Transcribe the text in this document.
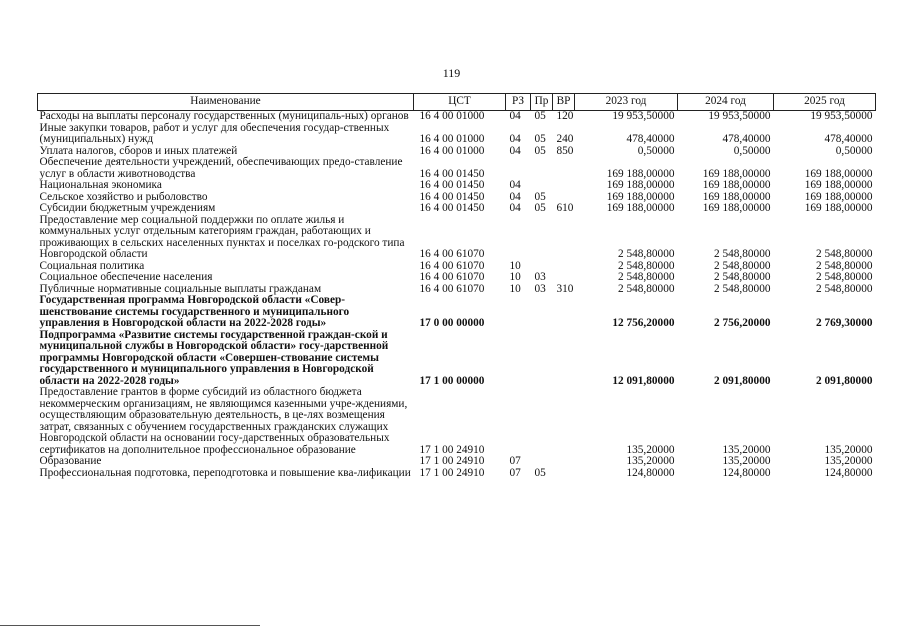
119
Наименование	ЦСТ	РЗ	Пр	ВР	2023 год	2024 год	2025 год
Расходы на выплаты персоналу государственных (муниципаль-ных) органов	16 4 00 01000	04	05	120	19 953,50000	19 953,50000	19 953,50000
Иные закупки товаров, работ и услуг для обеспечения государ-ственных (муниципальных) нужд	16 4 00 01000	04	05	240	478,40000	478,40000	478,40000
Уплата налогов, сборов и иных платежей	16 4 00 01000	04	05	850	0,50000	0,50000	0,50000
Обеспечение деятельности учреждений, обеспечивающих предо-ставление услуг в области животноводства	16 4 00 01450				169 188,00000	169 188,00000	169 188,00000
Национальная экономика	16 4 00 01450	04			169 188,00000	169 188,00000	169 188,00000
Сельское хозяйство и рыболовство	16 4 00 01450	04	05		169 188,00000	169 188,00000	169 188,00000
Субсидии бюджетным учреждениям	16 4 00 01450	04	05	610	169 188,00000	169 188,00000	169 188,00000
Предоставление мер социальной поддержки по оплате жилья и коммунальных услуг отдельным категориям граждан, работающих и проживающих в сельских населенных пунктах и поселках го-родского типа Новгородской области	16 4 00 61070				2 548,80000	2 548,80000	2 548,80000
Социальная политика	16 4 00 61070	10			2 548,80000	2 548,80000	2 548,80000
Социальное обеспечение населения	16 4 00 61070	10	03		2 548,80000	2 548,80000	2 548,80000
Публичные нормативные социальные выплаты гражданам	16 4 00 61070	10	03	310	2 548,80000	2 548,80000	2 548,80000
Государственная программа Новгородской области «Совер-шенствование системы государственного и муниципального управления в Новгородской области на 2022-2028 годы»	17 0 00 00000				12 756,20000	2 756,20000	2 769,30000
Подпрограмма «Развитие системы государственной граждан-ской и муниципальной службы в Новгородской области» госу-дарственной программы Новгородской области «Совершен-ствование системы государственного и муниципального управления в Новгородской области на 2022-2028 годы»	17 1 00 00000				12 091,80000	2 091,80000	2 091,80000
Предоставление грантов в форме субсидий из областного бюджета некоммерческим организациям, не являющимся казенными учре-ждениями, осуществляющим образовательную деятельность, в це-лях возмещения затрат, связанных с обучением государственных гражданских служащих Новгородской области на основании госу-дарственных образовательных сертификатов на дополнительное профессиональное образование	17 1 00 24910				135,20000	135,20000	135,20000
Образование	17 1 00 24910	07			135,20000	135,20000	135,20000
Профессиональная подготовка, переподготовка и повышение ква-лификации	17 1 00 24910	07	05		124,80000	124,80000	124,80000
